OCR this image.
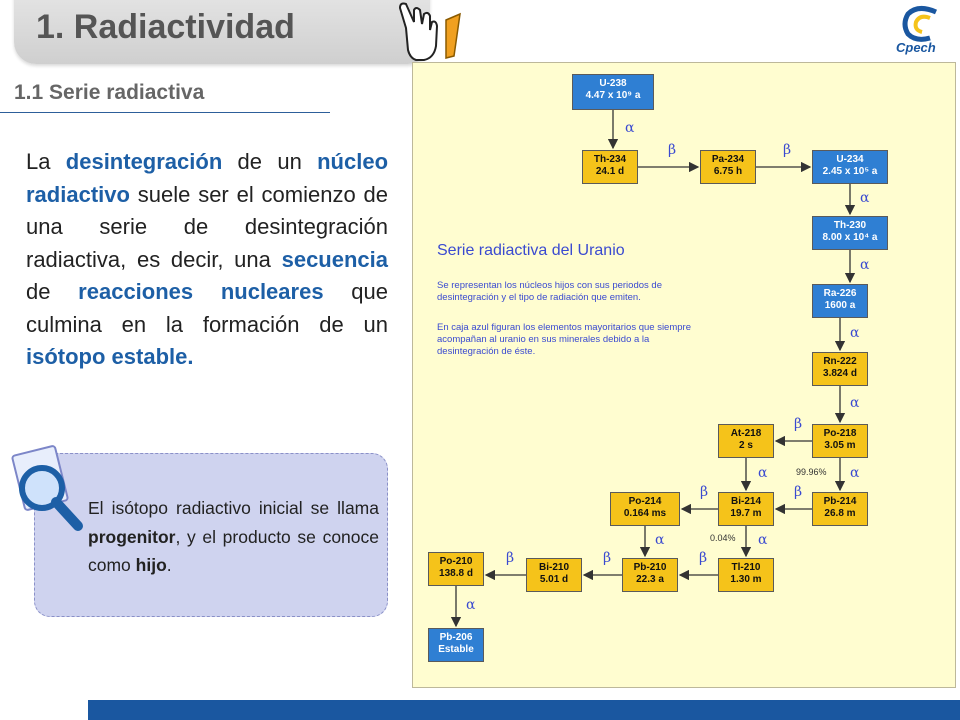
1. Radiactividad
1.1 Serie radiactiva
Cpech
La desintegración de un núcleo radiactivo suele ser el comienzo de una serie de desintegración radiactiva, es decir, una secuencia de reacciones nucleares que culmina en la formación de un isótopo estable.
El isótopo radiactivo inicial se llama progenitor, y el producto se conoce como hijo.
Serie radiactiva del Uranio
Se representan los núcleos hijos con sus periodos de desintegración y el tipo de radiación que emiten.
En caja azul figuran los elementos mayoritarios que siempre acompañan al uranio en sus minerales debido a la desintegración de éste.
U-238
4.47 x 10⁹ a
Th-234
24.1 d
Pa-234
6.75 h
U-234
2.45 x 10⁵ a
Th-230
8.00 x 10⁴ a
Ra-226
1600 a
Rn-222
3.824 d
Po-218
3.05 m
At-218
2 s
Pb-214
26.8 m
Bi-214
19.7 m
Po-214
0.164 ms
Tl-210
1.30 m
Pb-210
22.3 a
Bi-210
5.01 d
Po-210
138.8 d
Pb-206
Estable
α
β	β
α
α
α
α
β
α
α
β
β
α
α
β
β
β
α
99.96%
0.04%
